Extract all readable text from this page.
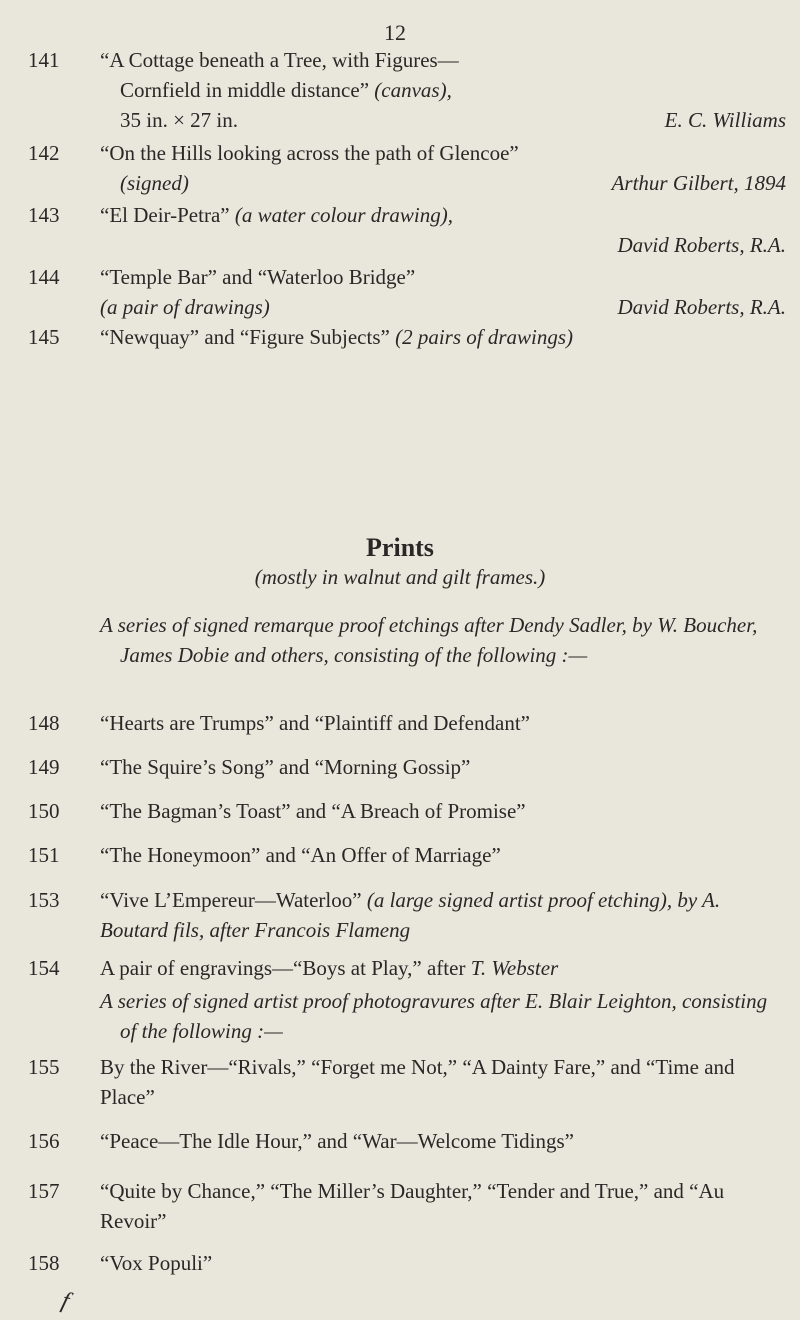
12
141	“A Cottage beneath a Tree, with Figures—

Cornfield in middle distance” (canvas),
35 in. × 27 in.	E. C. Williams
142	“On the Hills looking across the path of Glencoe”

(signed)	Arthur Gilbert, 1894
143	“El Deir-Petra” (a water colour drawing),

David Roberts, R.A.
144	“Temple Bar” and “Waterloo Bridge”

(a pair of drawings)	David Roberts, R.A.
145	“Newquay” and “Figure Subjects” (2 pairs of drawings)
Prints
(mostly in walnut and gilt frames.)
A series of signed remarque proof etchings after Dendy Sadler, by W. Boucher, James Dobie and others, consisting of the following :—
148	“Hearts are Trumps” and “Plaintiff and Defendant”
149	“The Squire’s Song” and “Morning Gossip”
150	“The Bagman’s Toast” and “A Breach of Promise”
151	“The Honeymoon” and “An Offer of Marriage”
153	“Vive L’Empereur—Waterloo” (a large signed artist proof etching), by A. Boutard fils, after Francois Flameng
154	A pair of engravings—“Boys at Play,” after T. Webster
A series of signed artist proof photogravures after E. Blair Leighton, consisting of the following :—
155	By the River—“Rivals,” “Forget me Not,” “A Dainty Fare,” and “Time and Place”
156	“Peace—The Idle Hour,” and “War—Welcome Tidings”
157	“Quite by Chance,” “The Miller’s Daughter,” “Tender and True,” and “Au Revoir”
158	“Vox Populi”
f
